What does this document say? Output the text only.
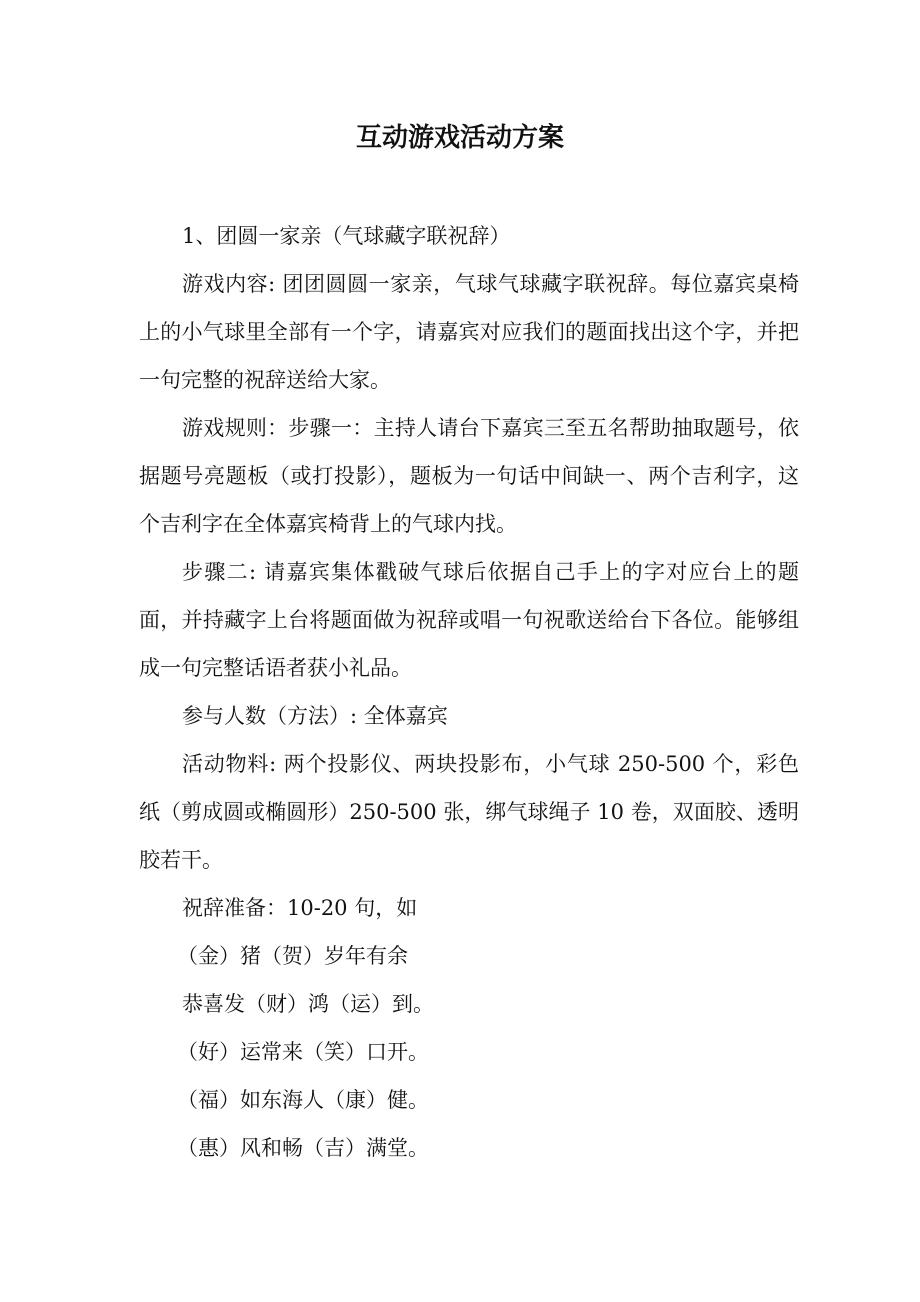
互动游戏活动方案

1、团圆一家亲（气球藏字联祝辞）

游戏内容: 团团圆圆一家亲，气球气球藏字联祝辞。每位嘉宾桌椅上的小气球里全部有一个字，请嘉宾对应我们的题面找出这个字，并把一句完整的祝辞送给大家。

游戏规则：步骤一：主持人请台下嘉宾三至五名帮助抽取题号，依据题号亮题板（或打投影），题板为一句话中间缺一、两个吉利字，这个吉利字在全体嘉宾椅背上的气球内找。

步骤二: 请嘉宾集体戳破气球后依据自己手上的字对应台上的题面，并持藏字上台将题面做为祝辞或唱一句祝歌送给台下各位。能够组成一句完整话语者获小礼品。

参与人数（方法）: 全体嘉宾

活动物料: 两个投影仪、两块投影布，小气球 250-500 个，彩色纸（剪成圆或椭圆形）250-500 张，绑气球绳子 10 卷，双面胶、透明胶若干。

祝辞准备：10-20 句，如

（金）猪（贺）岁年有余

恭喜发（财）鸿（运）到。

（好）运常来（笑）口开。

（福）如东海人（康）健。

（惠）风和畅（吉）满堂。
